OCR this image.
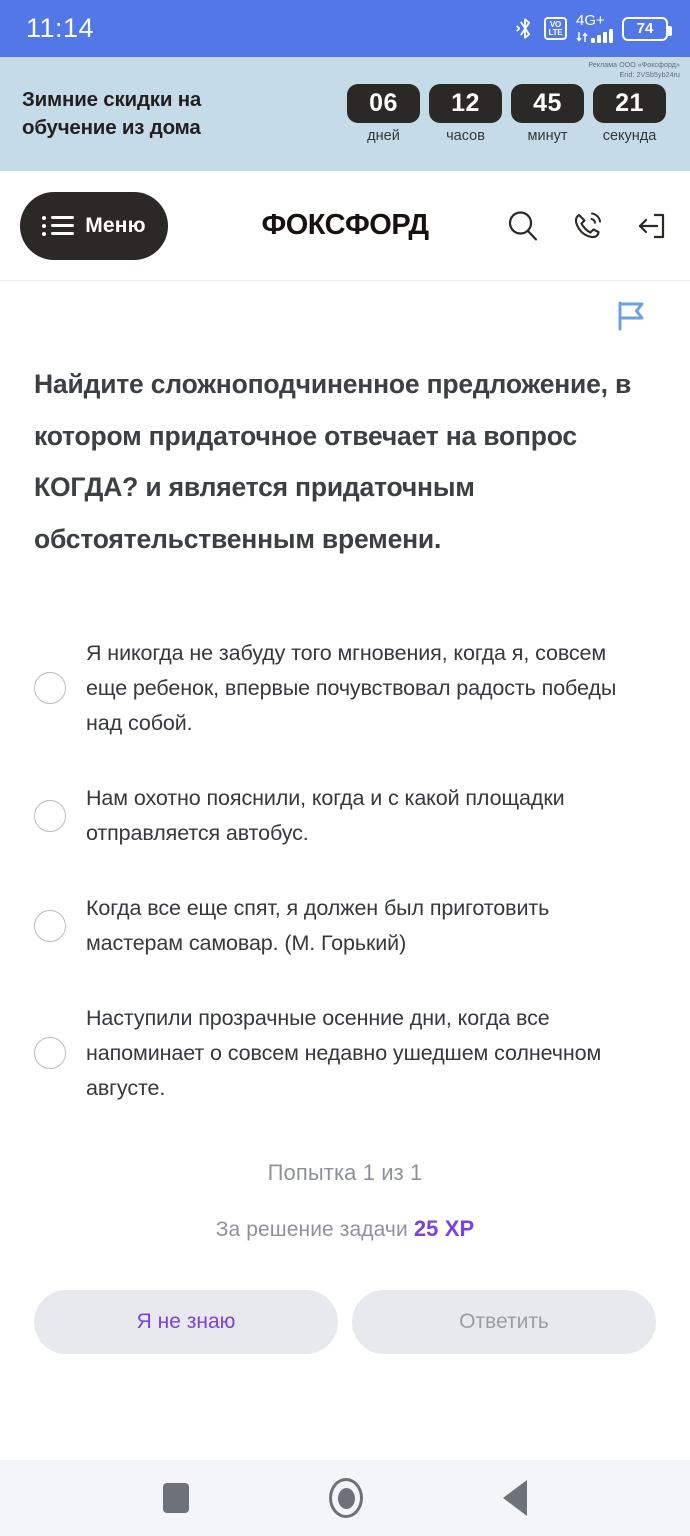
11:14	VO
LTE
4G+ 74
Реклама ООО «Фоксфорд»
Erid: 2VSb5yb24ru
Зимние скидки на обучение из дома
06
дней
12
часов
45
минут
21
секунда
Меню	ФОКСФОРД
Найдите сложноподчиненное предложение, в котором придаточное отвечает на вопрос КОГДА? и является придаточным обстоятельственным времени.
Я никогда не забуду того мгновения, когда я, совсем еще ребенок, впервые почувствовал радость победы над собой.
Нам охотно пояснили, когда и с какой площадки отправляется автобус.
Когда все еще спят, я должен был приготовить мастерам самовар. (М. Горький)
Наступили прозрачные осенние дни, когда все напоминает о совсем недавно ушедшем солнечном августе.
Попытка 1 из 1
За решение задачи 25 XP
Я не знаю	Ответить
